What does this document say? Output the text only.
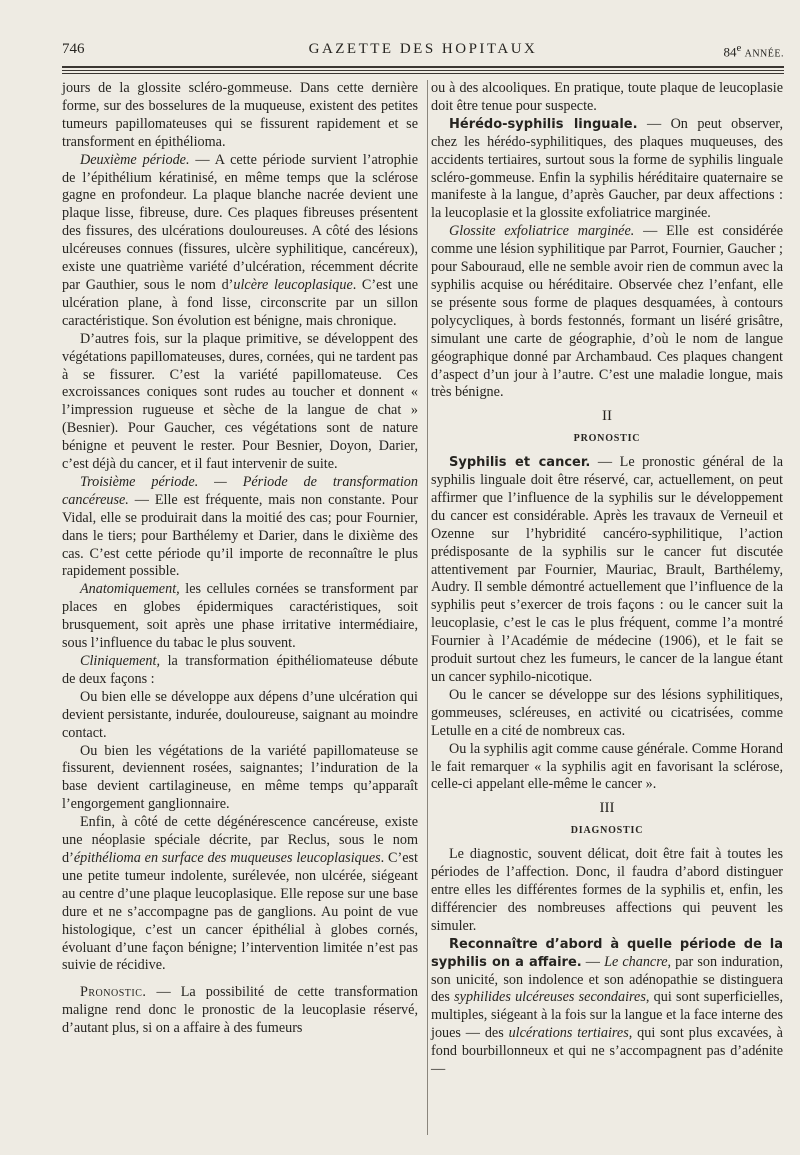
746	GAZETTE DES HOPITAUX	84e ANNÉE.

jours de la glossite scléro-gommeuse. Dans cette dernière forme, sur des bosselures de la muqueuse, existent des petites tumeurs papillomateuses qui se fissurent rapidement et se transforment en épithélioma.

Deuxième période. — A cette période survient l’atrophie de l’épithélium kératinisé, en même temps que la sclérose gagne en profondeur. La plaque blanche nacrée devient une plaque lisse, fibreuse, dure. Ces plaques fibreuses présentent des fissures, des ulcérations douloureuses. A côté des lésions ulcéreuses connues (fissures, ulcère syphilitique, cancéreux), existe une quatrième variété d’ulcération, récemment décrite par Gauthier, sous le nom d’ulcère leucoplasique. C’est une ulcération plane, à fond lisse, circonscrite par un sillon caractéristique. Son évolution est bénigne, mais chronique.

D’autres fois, sur la plaque primitive, se développent des végétations papillomateuses, dures, cornées, qui ne tardent pas à se fissurer. C’est la variété papillomateuse. Ces excroissances coniques sont rudes au toucher et donnent « l’impression rugueuse et sèche de la langue de chat » (Besnier). Pour Gaucher, ces végétations sont de nature bénigne et peuvent le rester. Pour Besnier, Doyon, Darier, c’est déjà du cancer, et il faut intervenir de suite.

Troisième période. — Période de transformation cancéreuse. — Elle est fréquente, mais non constante. Pour Vidal, elle se produirait dans la moitié des cas; pour Fournier, dans le tiers; pour Barthélemy et Darier, dans le dixième des cas. C’est cette période qu’il importe de reconnaître le plus rapidement possible.

Anatomiquement, les cellules cornées se transforment par places en globes épidermiques caractéristiques, soit brusquement, soit après une phase irritative intermédiaire, sous l’influence du tabac le plus souvent.

Cliniquement, la transformation épithéliomateuse débute de deux façons :

Ou bien elle se développe aux dépens d’une ulcération qui devient persistante, indurée, douloureuse, saignant au moindre contact.

Ou bien les végétations de la variété papillomateuse se fissurent, deviennent rosées, saignantes; l’induration de la base devient cartilagineuse, en même temps qu’apparaît l’engorgement ganglionnaire.

Enfin, à côté de cette dégénérescence cancéreuse, existe une néoplasie spéciale décrite, par Reclus, sous le nom d’épithélioma en surface des muqueuses leucoplasiques. C’est une petite tumeur indolente, surélevée, non ulcérée, siégeant au centre d’une plaque leucoplasique. Elle repose sur une base dure et ne s’accompagne pas de ganglions. Au point de vue histologique, c’est un cancer épithélial à globes cornés, évoluant d’une façon bénigne; l’intervention limitée n’est pas suivie de récidive.

Pronostic. — La possibilité de cette transformation maligne rend donc le pronostic de la leucoplasie réservé, d’autant plus, si on a affaire à des fumeurs

ou à des alcooliques. En pratique, toute plaque de leucoplasie doit être tenue pour suspecte.

Hérédo-syphilis linguale. — On peut observer, chez les hérédo-syphilitiques, des plaques muqueuses, des accidents tertiaires, surtout sous la forme de syphilis linguale scléro-gommeuse. Enfin la syphilis héréditaire quaternaire se manifeste à la langue, d’après Gaucher, par deux affections : la leucoplasie et la glossite exfoliatrice marginée.

Glossite exfoliatrice marginée. — Elle est considérée comme une lésion syphilitique par Parrot, Fournier, Gaucher ; pour Sabouraud, elle ne semble avoir rien de commun avec la syphilis acquise ou héréditaire. Observée chez l’enfant, elle se présente sous forme de plaques desquamées, à contours polycycliques, à bords festonnés, formant un liséré grisâtre, simulant une carte de géographie, d’où le nom de langue géographique donné par Archambaud. Ces plaques changent d’aspect d’un jour à l’autre. C’est une maladie longue, mais très bénigne.

II

PRONOSTIC

Syphilis et cancer. — Le pronostic général de la syphilis linguale doit être réservé, car, actuellement, on peut affirmer que l’influence de la syphilis sur le développement du cancer est considérable. Après les travaux de Verneuil et Ozenne sur l’hybridité cancéro-syphilitique, l’action prédisposante de la syphilis sur le cancer fut discutée attentivement par Fournier, Mauriac, Brault, Barthélemy, Audry. Il semble démontré actuellement que l’influence de la syphilis peut s’exercer de trois façons : ou le cancer suit la leucoplasie, c’est le cas le plus fréquent, comme l’a montré Fournier à l’Académie de médecine (1906), et le fait se produit surtout chez les fumeurs, le cancer de la langue étant un cancer syphilo-nicotique.

Ou le cancer se développe sur des lésions syphilitiques, gommeuses, scléreuses, en activité ou cicatrisées, comme Letulle en a cité de nombreux cas.

Ou la syphilis agit comme cause générale. Comme Horand le fait remarquer « la syphilis agit en favorisant la sclérose, celle-ci appelant elle-même le cancer ».

III

DIAGNOSTIC

Le diagnostic, souvent délicat, doit être fait à toutes les périodes de l’affection. Donc, il faudra d’abord distinguer entre elles les différentes formes de la syphilis et, enfin, les différencier des nombreuses affections qui peuvent les simuler.

Reconnaître d’abord à quelle période de la syphilis on a affaire. — Le chancre, par son induration, son unicité, son indolence et son adénopathie se distinguera des syphilides ulcéreuses secondaires, qui sont superficielles, multiples, siégeant à la fois sur la langue et la face interne des joues — des ulcérations tertiaires, qui sont plus excavées, à fond bourbillonneux et qui ne s’accompagnent pas d’adénite —
